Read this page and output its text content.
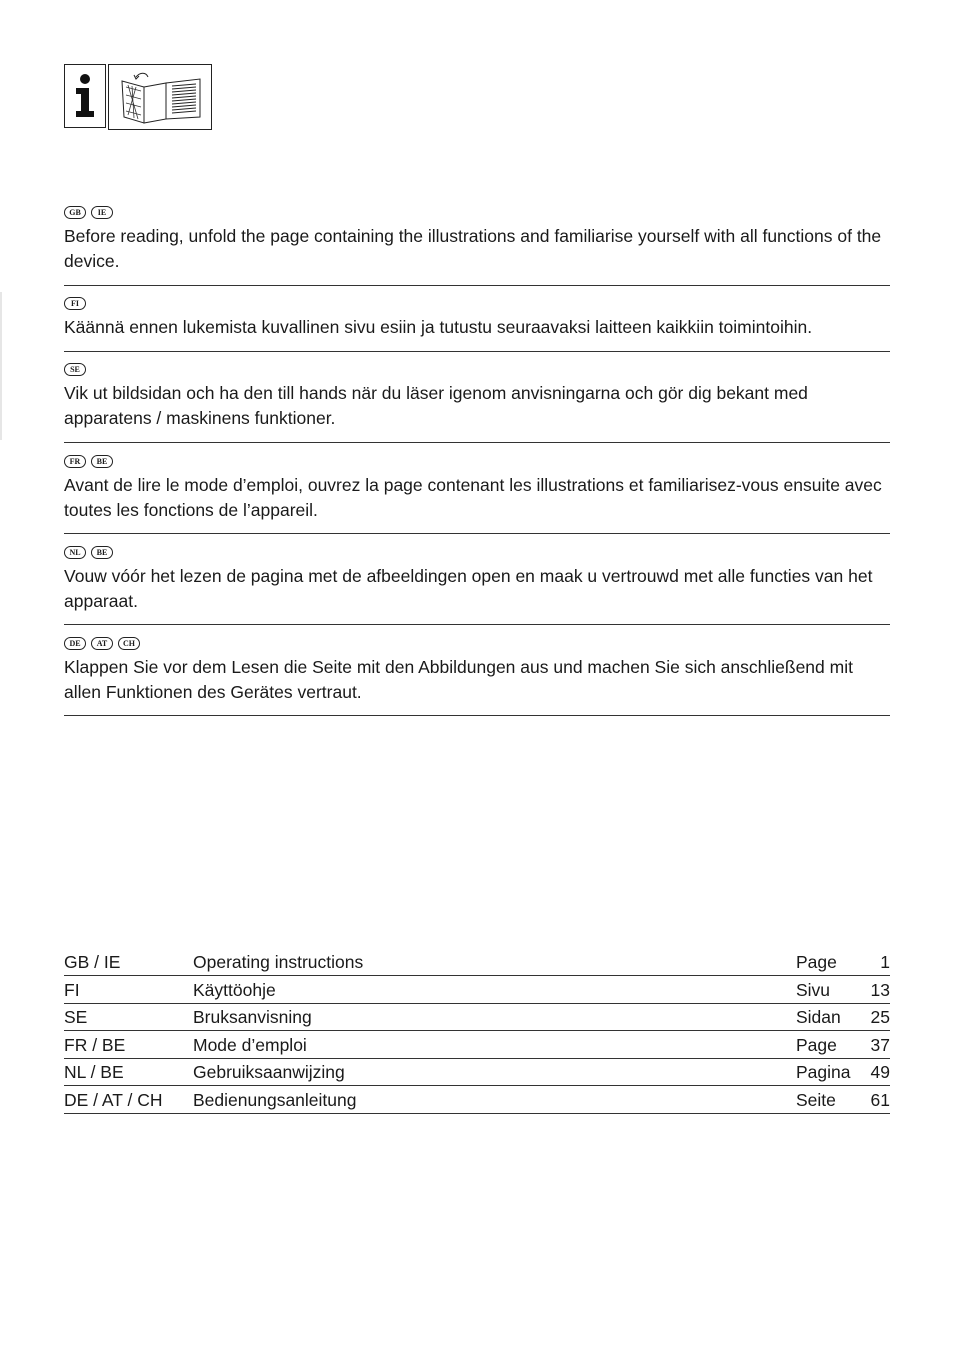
GB	IE

Before reading, unfold the page containing the illustrations and familiarise yourself with all functions of the device.

FI

Käännä ennen lukemista kuvallinen sivu esiin ja tutustu seuraavaksi laitteen kaikkiin toimintoihin.

SE

Vik ut bildsidan och ha den till hands när du läser igenom anvisningarna och gör dig bekant med apparatens / maskinens funktioner.

FR	BE

Avant de lire le mode d’emploi, ouvrez la page contenant les illustrations et familiarisez-vous ensuite avec toutes les fonctions de l’appareil.

NL	BE

Vouw vóór het lezen de pagina met de afbeeldingen open en maak u vertrouwd met alle functies van het apparaat.

DE	AT	CH

Klappen Sie vor dem Lesen die Seite mit den Abbildungen aus und machen Sie sich anschließend mit allen Funktionen des Gerätes vertraut.

GB / IE	Operating instructions	Page	1
FI	Käyttöohje	Sivu	13
SE	Bruksanvisning	Sidan	25
FR / BE	Mode d’emploi	Page	37
NL / BE	Gebruiksaanwijzing	Pagina	49
DE / AT / CH	Bedienungsanleitung	Seite	61
